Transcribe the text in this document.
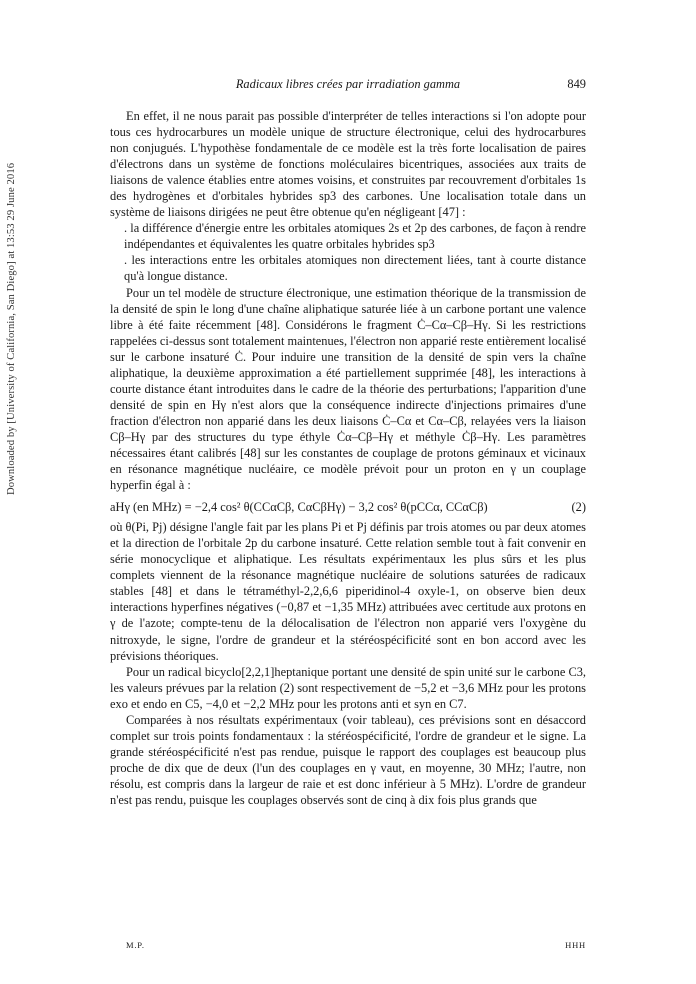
Downloaded by [University of California, San Diego] at 13:53 29 June 2016
Radicaux libres crées par irradiation gamma	849

En effet, il ne nous parait pas possible d'interpréter de telles interactions si l'on adopte pour tous ces hydrocarbures un modèle unique de structure électronique, celui des hydrocarbures non conjugués. L'hypothèse fondamentale de ce modèle est la très forte localisation de paires d'électrons dans un système de fonctions moléculaires bicentriques, associées aux traits de liaisons de valence établies entre atomes voisins, et construites par recouvrement d'orbitales 1s des hydrogènes et d'orbitales hybrides sp3 des carbones. Une localisation totale dans un système de liaisons dirigées ne peut être obtenue qu'en négligeant [47] :

. la différence d'énergie entre les orbitales atomiques 2s et 2p des carbones, de façon à rendre indépendantes et équivalentes les quatre orbitales hybrides sp3

. les interactions entre les orbitales atomiques non directement liées, tant à courte distance qu'à longue distance.

Pour un tel modèle de structure électronique, une estimation théorique de la transmission de la densité de spin le long d'une chaîne aliphatique saturée liée à un carbone portant une valence libre à été faite récemment [48]. Considérons le fragment Ċ–Cα–Cβ–Hγ. Si les restrictions rappelées ci-dessus sont totalement maintenues, l'électron non apparié reste entièrement localisé sur le carbone insaturé Ċ. Pour induire une transition de la densité de spin vers la chaîne aliphatique, la deuxième approximation a été partiellement supprimée [48], les interactions à courte distance étant introduites dans le cadre de la théorie des perturbations; l'apparition d'une densité de spin en Hγ n'est alors que la conséquence indirecte d'injections primaires d'une fraction d'électron non apparié dans les deux liaisons Ċ–Cα et Cα–Cβ, relayées vers la liaison Cβ–Hγ par des structures du type éthyle Ċα–Cβ–Hγ et méthyle Ċβ–Hγ. Les paramètres nécessaires étant calibrés [48] sur les constantes de couplage de protons géminaux et vicinaux en résonance magnétique nucléaire, ce modèle prévoit pour un proton en γ un couplage hyperfin égal à :

aHγ (en MHz) = −2,4 cos² θ(CCαCβ, CαCβHγ) − 3,2 cos² θ(pCCα, CCαCβ)	(2)

où θ(Pi, Pj) désigne l'angle fait par les plans Pi et Pj définis par trois atomes ou par deux atomes et la direction de l'orbitale 2p du carbone insaturé. Cette relation semble tout à fait convenir en série monocyclique et aliphatique. Les résultats expérimentaux les plus sûrs et les plus complets viennent de la résonance magnétique nucléaire de solutions saturées de radicaux stables [48] et dans le tétraméthyl-2,2,6,6 piperidinol-4 oxyle-1, on observe bien deux interactions hyperfines négatives (−0,87 et −1,35 MHz) attribuées avec certitude aux protons en γ de l'azote; compte-tenu de la délocalisation de l'électron non apparié vers l'oxygène du nitroxyde, le signe, l'ordre de grandeur et la stéréospécificité sont en bon accord avec les prévisions théoriques.

Pour un radical bicyclo[2,2,1]heptanique portant une densité de spin unité sur le carbone C3, les valeurs prévues par la relation (2) sont respectivement de −5,2 et −3,6 MHz pour les protons exo et endo en C5, −4,0 et −2,2 MHz pour les protons anti et syn en C7.

Comparées à nos résultats expérimentaux (voir tableau), ces prévisions sont en désaccord complet sur trois points fondamentaux : la stéréospécificité, l'ordre de grandeur et le signe. La grande stéréospécificité n'est pas rendue, puisque le rapport des couplages est beaucoup plus proche de dix que de deux (l'un des couplages en γ vaut, en moyenne, 30 MHz; l'autre, non résolu, est compris dans la largeur de raie et est donc inférieur à 5 MHz). L'ordre de grandeur n'est pas rendu, puisque les couplages observés sont de cinq à dix fois plus grands que

M.P.	HHH
